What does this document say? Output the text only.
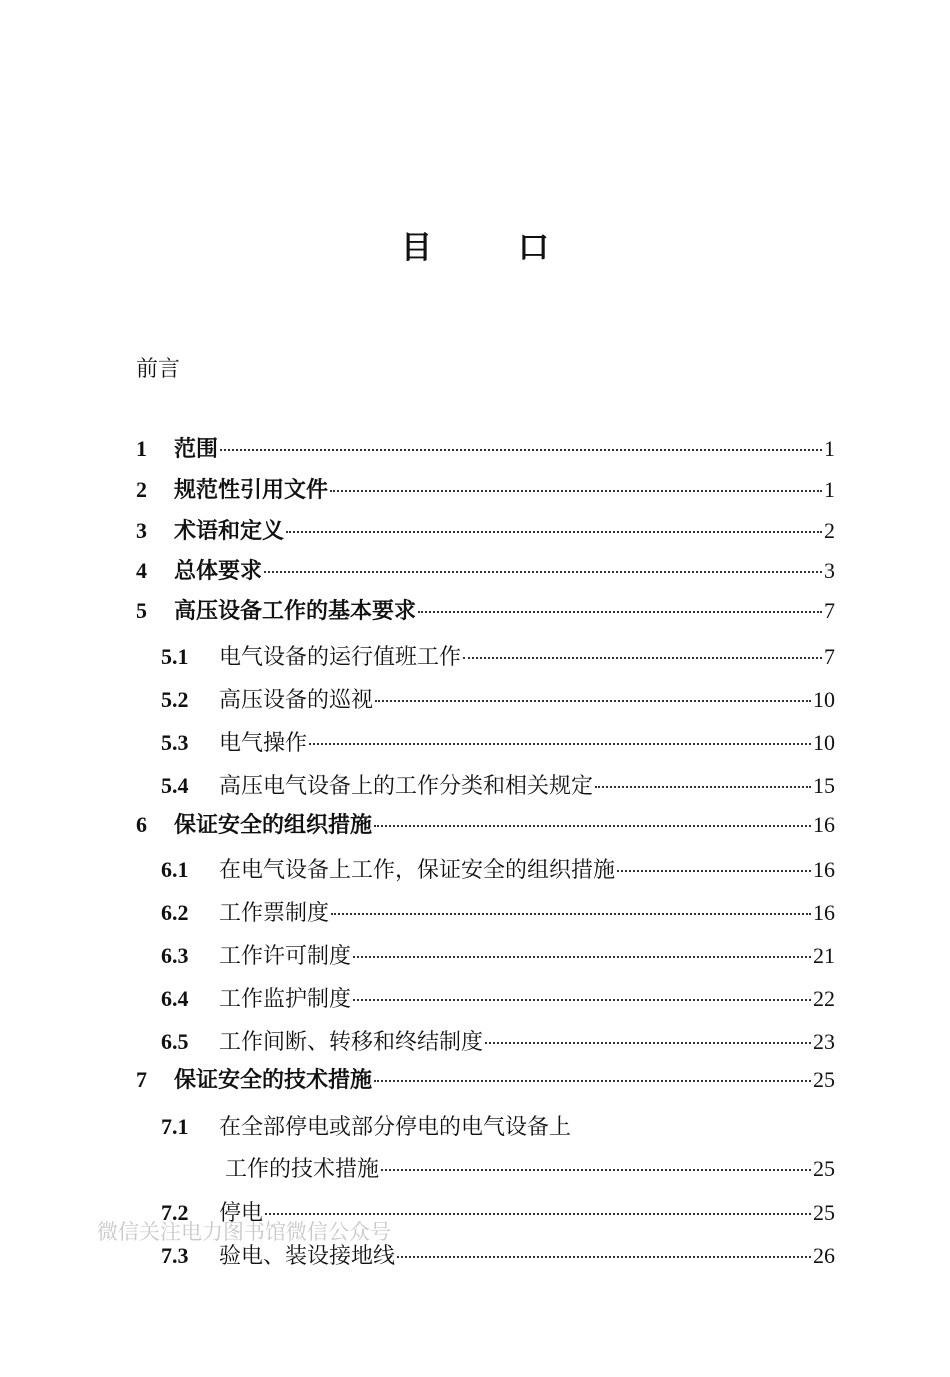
目	口
前言
1	范围	1
2	规范性引用文件	1
3	术语和定义	2
4	总体要求	3
5	高压设备工作的基本要求	7
5.1	电气设备的运行值班工作	7
5.2	高压设备的巡视	10
5.3	电气操作	10
5.4	高压电气设备上的工作分类和相关规定	15
6	保证安全的组织措施	16
6.1	在电气设备上工作，保证安全的组织措施	16
6.2	工作票制度	16
6.3	工作许可制度	21
6.4	工作监护制度	22
6.5	工作间断、转移和终结制度	23
7	保证安全的技术措施	25
7.1	在全部停电或部分停电的电气设备上
工作的技术措施	25
7.2	停电	25
7.3	验电、装设接地线	26
微信关注电力图书馆微信公众号
